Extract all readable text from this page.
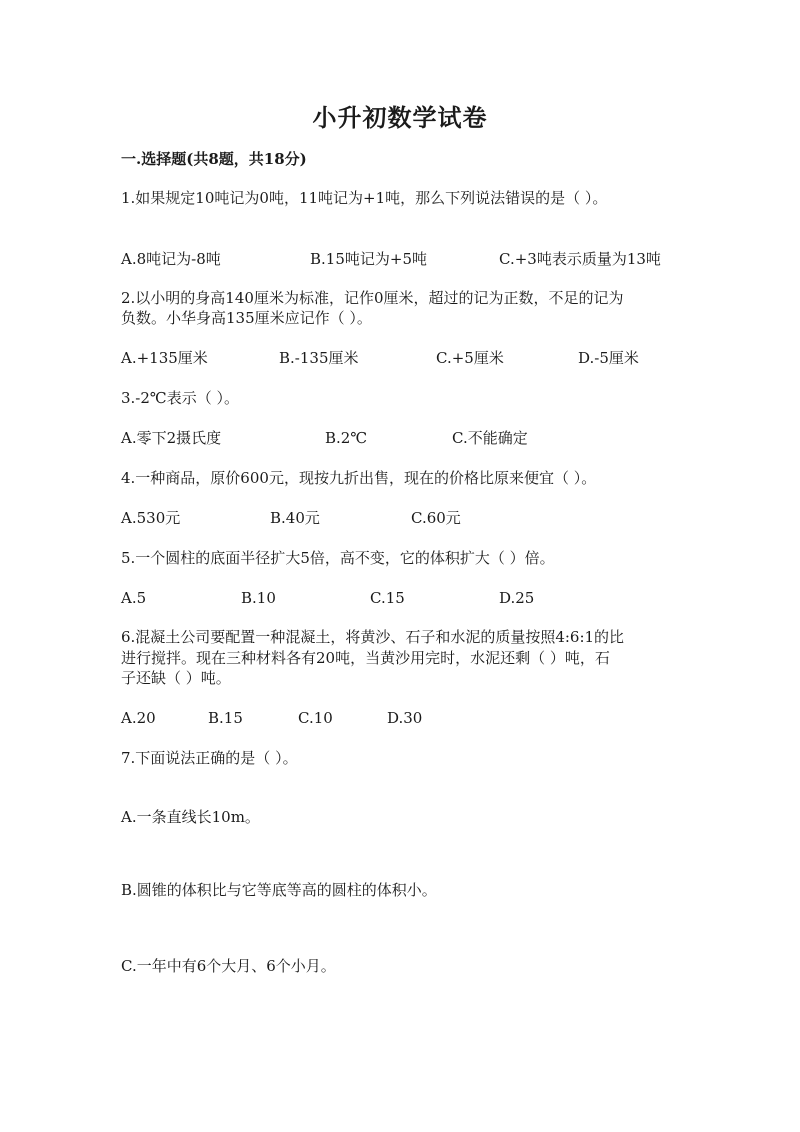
小升初数学试卷
一.选择题(共8题，共18分)
1.如果规定10吨记为0吨，11吨记为+1吨，那么下列说法错误的是（ ）。
A.8吨记为-8吨	B.15吨记为+5吨	C.+3吨表示质量为13吨
2.以小明的身高140厘米为标准，记作0厘米，超过的记为正数，不足的记为
负数。小华身高135厘米应记作（ ）。
A.+135厘米	B.-135厘米	C.+5厘米	D.-5厘米
3.-2℃表示（ ）。
A.零下2摄氏度	B.2℃	C.不能确定
4.一种商品，原价600元，现按九折出售，现在的价格比原来便宜（ ）。
A.530元	B.40元	C.60元
5.一个圆柱的底面半径扩大5倍，高不变，它的体积扩大（ ）倍。
A.5	B.10	C.15	D.25
6.混凝土公司要配置一种混凝土，将黄沙、石子和水泥的质量按照4:6:1的比
进行搅拌。现在三种材料各有20吨，当黄沙用完时，水泥还剩（ ）吨，石
子还缺（ ）吨。
A.20	B.15	C.10	D.30
7.下面说法正确的是（ ）。
A.一条直线长10m。
B.圆锥的体积比与它等底等高的圆柱的体积小。
C.一年中有6个大月、6个小月。
